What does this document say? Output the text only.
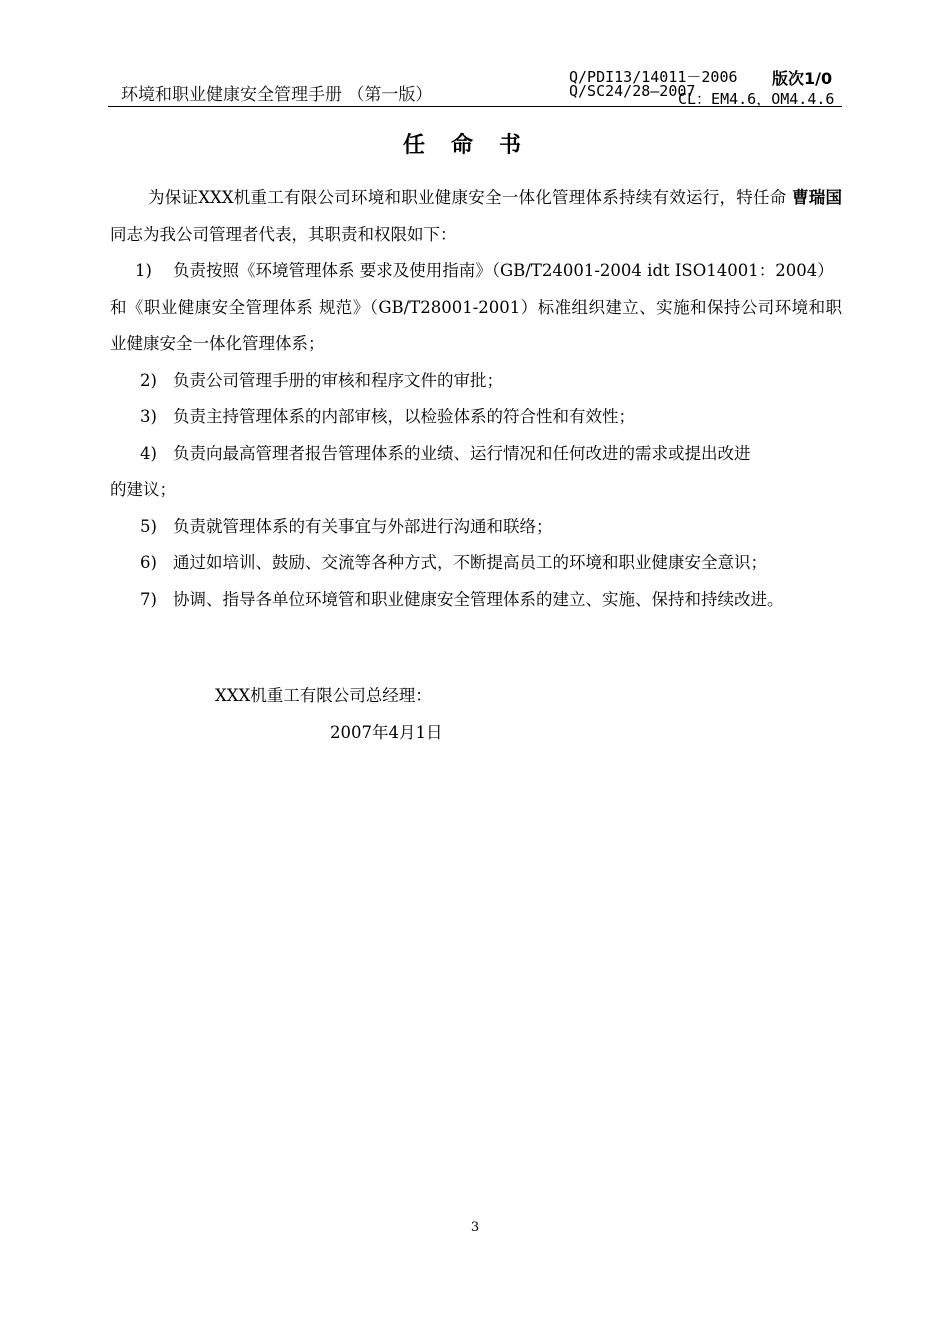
环境和职业健康安全管理手册 （第一版）
Q/PDI13/14011－2006 版次1/0
Q/SC24/28—2007
CL：EM4.6，OM4.4.6
任命书

为保证XXX机重工有限公司环境和职业健康安全一体化管理体系持续有效运行，特任命 曹瑞国 同志为我公司管理者代表，其职责和权限如下：

1) 负责按照《环境管理体系 要求及使用指南》（GB/T24001-2004 idt ISO14001：2004）

和《职业健康安全管理体系 规范》（GB/T28001-2001）标准组织建立、实施和保持公司环境和职业健康安全一体化管理体系；

2) 负责公司管理手册的审核和程序文件的审批；

3) 负责主持管理体系的内部审核，以检验体系的符合性和有效性；

4) 负责向最高管理者报告管理体系的业绩、运行情况和任何改进的需求或提出改进

的建议；

5) 负责就管理体系的有关事宜与外部进行沟通和联络；

6) 通过如培训、鼓励、交流等各种方式，不断提高员工的环境和职业健康安全意识；

7) 协调、指导各单位环境管和职业健康安全管理体系的建立、实施、保持和持续改进。

XXX机重工有限公司总经理：
2007年4月1日
3
